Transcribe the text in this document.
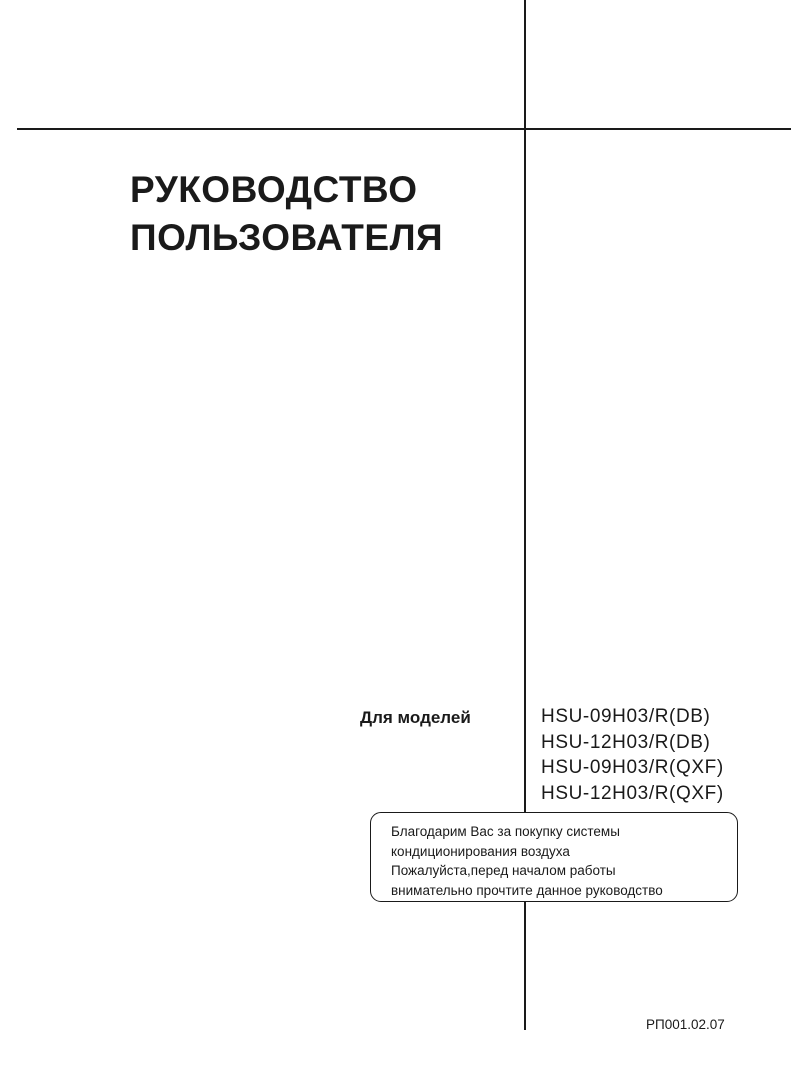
РУКОВОДСТВО
ПОЛЬЗОВАТЕЛЯ
Для моделей	HSU-09H03/R(DB)
HSU-12H03/R(DB)
HSU-09H03/R(QXF)
HSU-12H03/R(QXF)
Благодарим Вас за покупку системы
кондиционирования воздуха
Пожалуйста,перед началом работы
внимательно прочтите данное руководство
РП001.02.07
